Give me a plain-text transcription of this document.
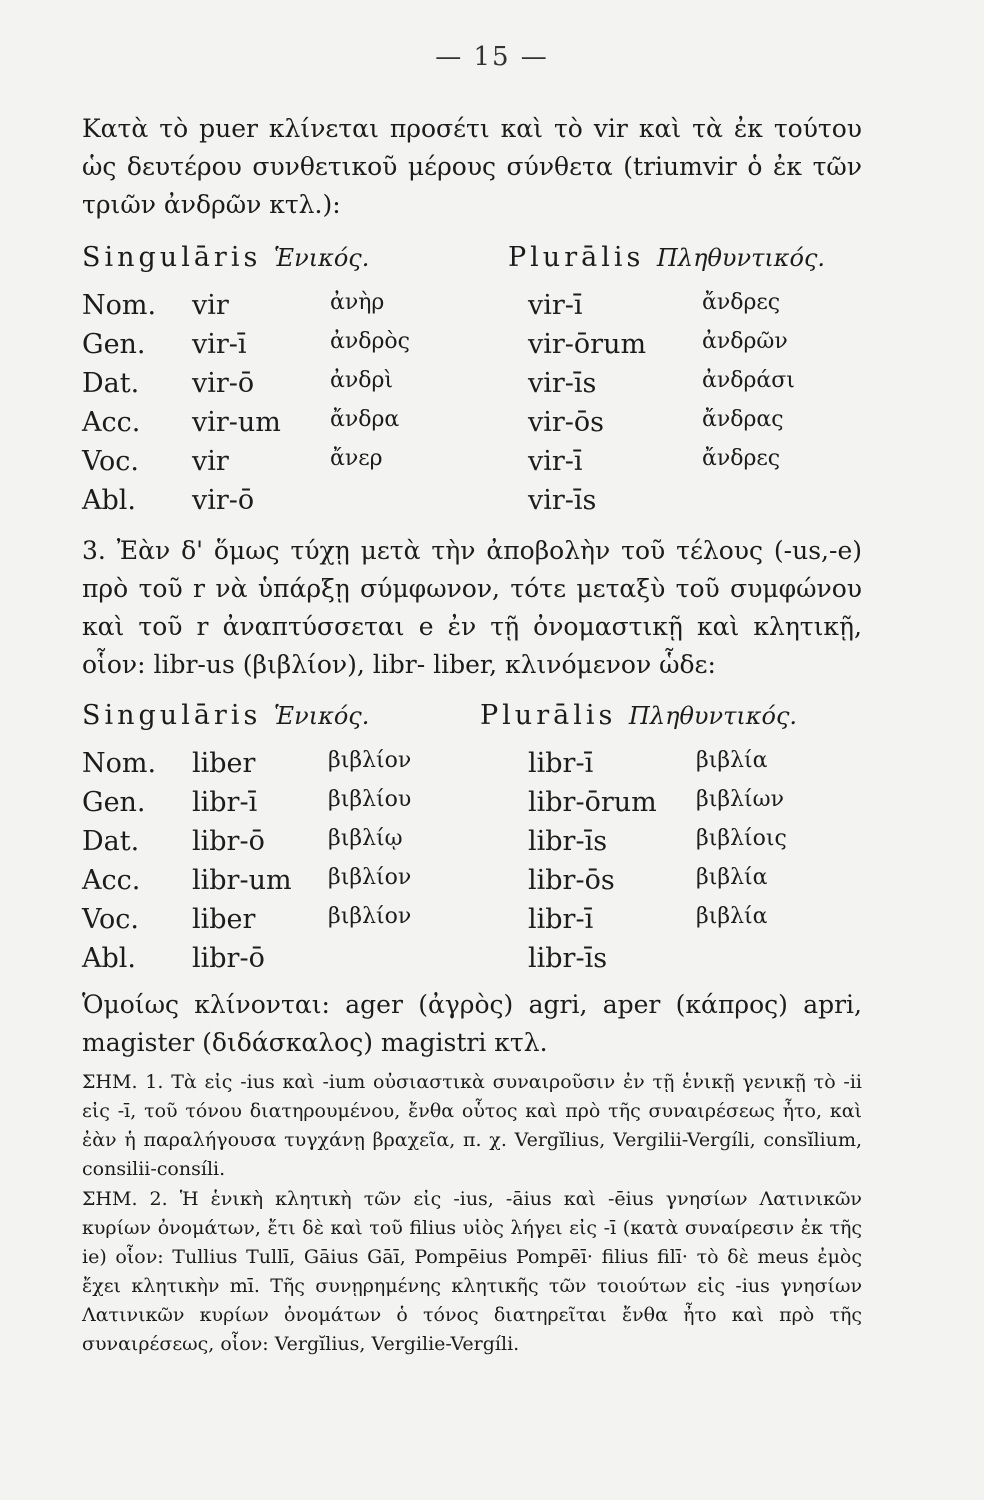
— 15 —
Κατὰ τὸ puer κλίνεται προσέτι καὶ τὸ vir καὶ τὰ ἐκ τούτου ὡς δευτέρου συνθετικοῦ μέρους σύνθετα (triumvir ὁ ἐκ τῶν τριῶν ἀνδρῶν κτλ.):
Singulāris Ἑνικός.	Plurālis Πληθυντικός.
Nom. vir	ἀνὴρ	vir-ī	ἄνδρες
Gen. vir-ī	ἀνδρὸς	vir-ōrum	ἀνδρῶν
Dat. vir-ō	ἀνδρὶ	vir-īs	ἀνδράσι
Acc. vir-um ἄνδρα	vir-ōs	ἄνδρας
Voc. vir	ἄνερ	vir-ī	ἄνδρες
Abl. vir-ō	vir-īs
3. Ἐὰν δ' ὅμως τύχῃ μετὰ τὴν ἀποβολὴν τοῦ τέλους (-us,-e) πρὸ τοῦ r νὰ ὑπάρξῃ σύμφωνον, τότε μεταξὺ τοῦ συμφώνου καὶ τοῦ r ἀναπτύσσεται e ἐν τῇ ὀνομαστικῇ καὶ κλητικῇ, οἷον: libr-us (βιβλίον), libr- liber, κλινόμενον ὧδε:
Singulāris Ἑνικός.	Plurālis Πληθυντικός.
Nom. liber	βιβλίον	libr-ī	βιβλία
Gen. libr-ī	βιβλίου	libr-ōrum βιβλίων
Dat. libr-ō	βιβλίῳ	libr-īs	βιβλίοις
Acc. libr-um βιβλίον	libr-ōs	βιβλία
Voc. liber	βιβλίον	libr-ī	βιβλία
Abl. libr-ō	libr-īs
Ὁμοίως κλίνονται: ager (ἀγρὸς) agri, aper (κάπρος) apri, magister (διδάσκαλος) magistri κτλ.
ΣΗΜ. 1. Τὰ εἰς -ius καὶ -ium οὐσιαστικὰ συναιροῦσιν ἐν τῇ ἑνικῇ γενικῇ τὸ -ii εἰς -ī, τοῦ τόνου διατηρουμένου, ἔνθα οὗτος καὶ πρὸ τῆς συναιρέσεως ἦτο, καὶ ἐὰν ἡ παραλήγουσα τυγχάνῃ βραχεῖα, π. χ. Vergĭlius, Vergilii-Vergíli, consĭlium, consilii-consíli.
ΣΗΜ. 2. Ἡ ἑνικὴ κλητικὴ τῶν εἰς -ius, -āius καὶ -ēius γνησίων Λατινικῶν κυρίων ὀνομάτων, ἔτι δὲ καὶ τοῦ filius υἱὸς λήγει εἰς -ī (κατὰ συναίρεσιν ἐκ τῆς ie) οἷον: Tullius Tullī, Gāius Gāī, Pompēius Pompēī· filius filī· τὸ δὲ meus ἐμὸς ἔχει κλητικὴν mī. Τῆς συνῃρημένης κλητικῆς τῶν τοιούτων εἰς -ius γνησίων Λατινικῶν κυρίων ὀνομάτων ὁ τόνος διατηρεῖται ἔνθα ἦτο καὶ πρὸ τῆς συναιρέσεως, οἷον: Vergĭlius, Vergilie-Vergíli.
